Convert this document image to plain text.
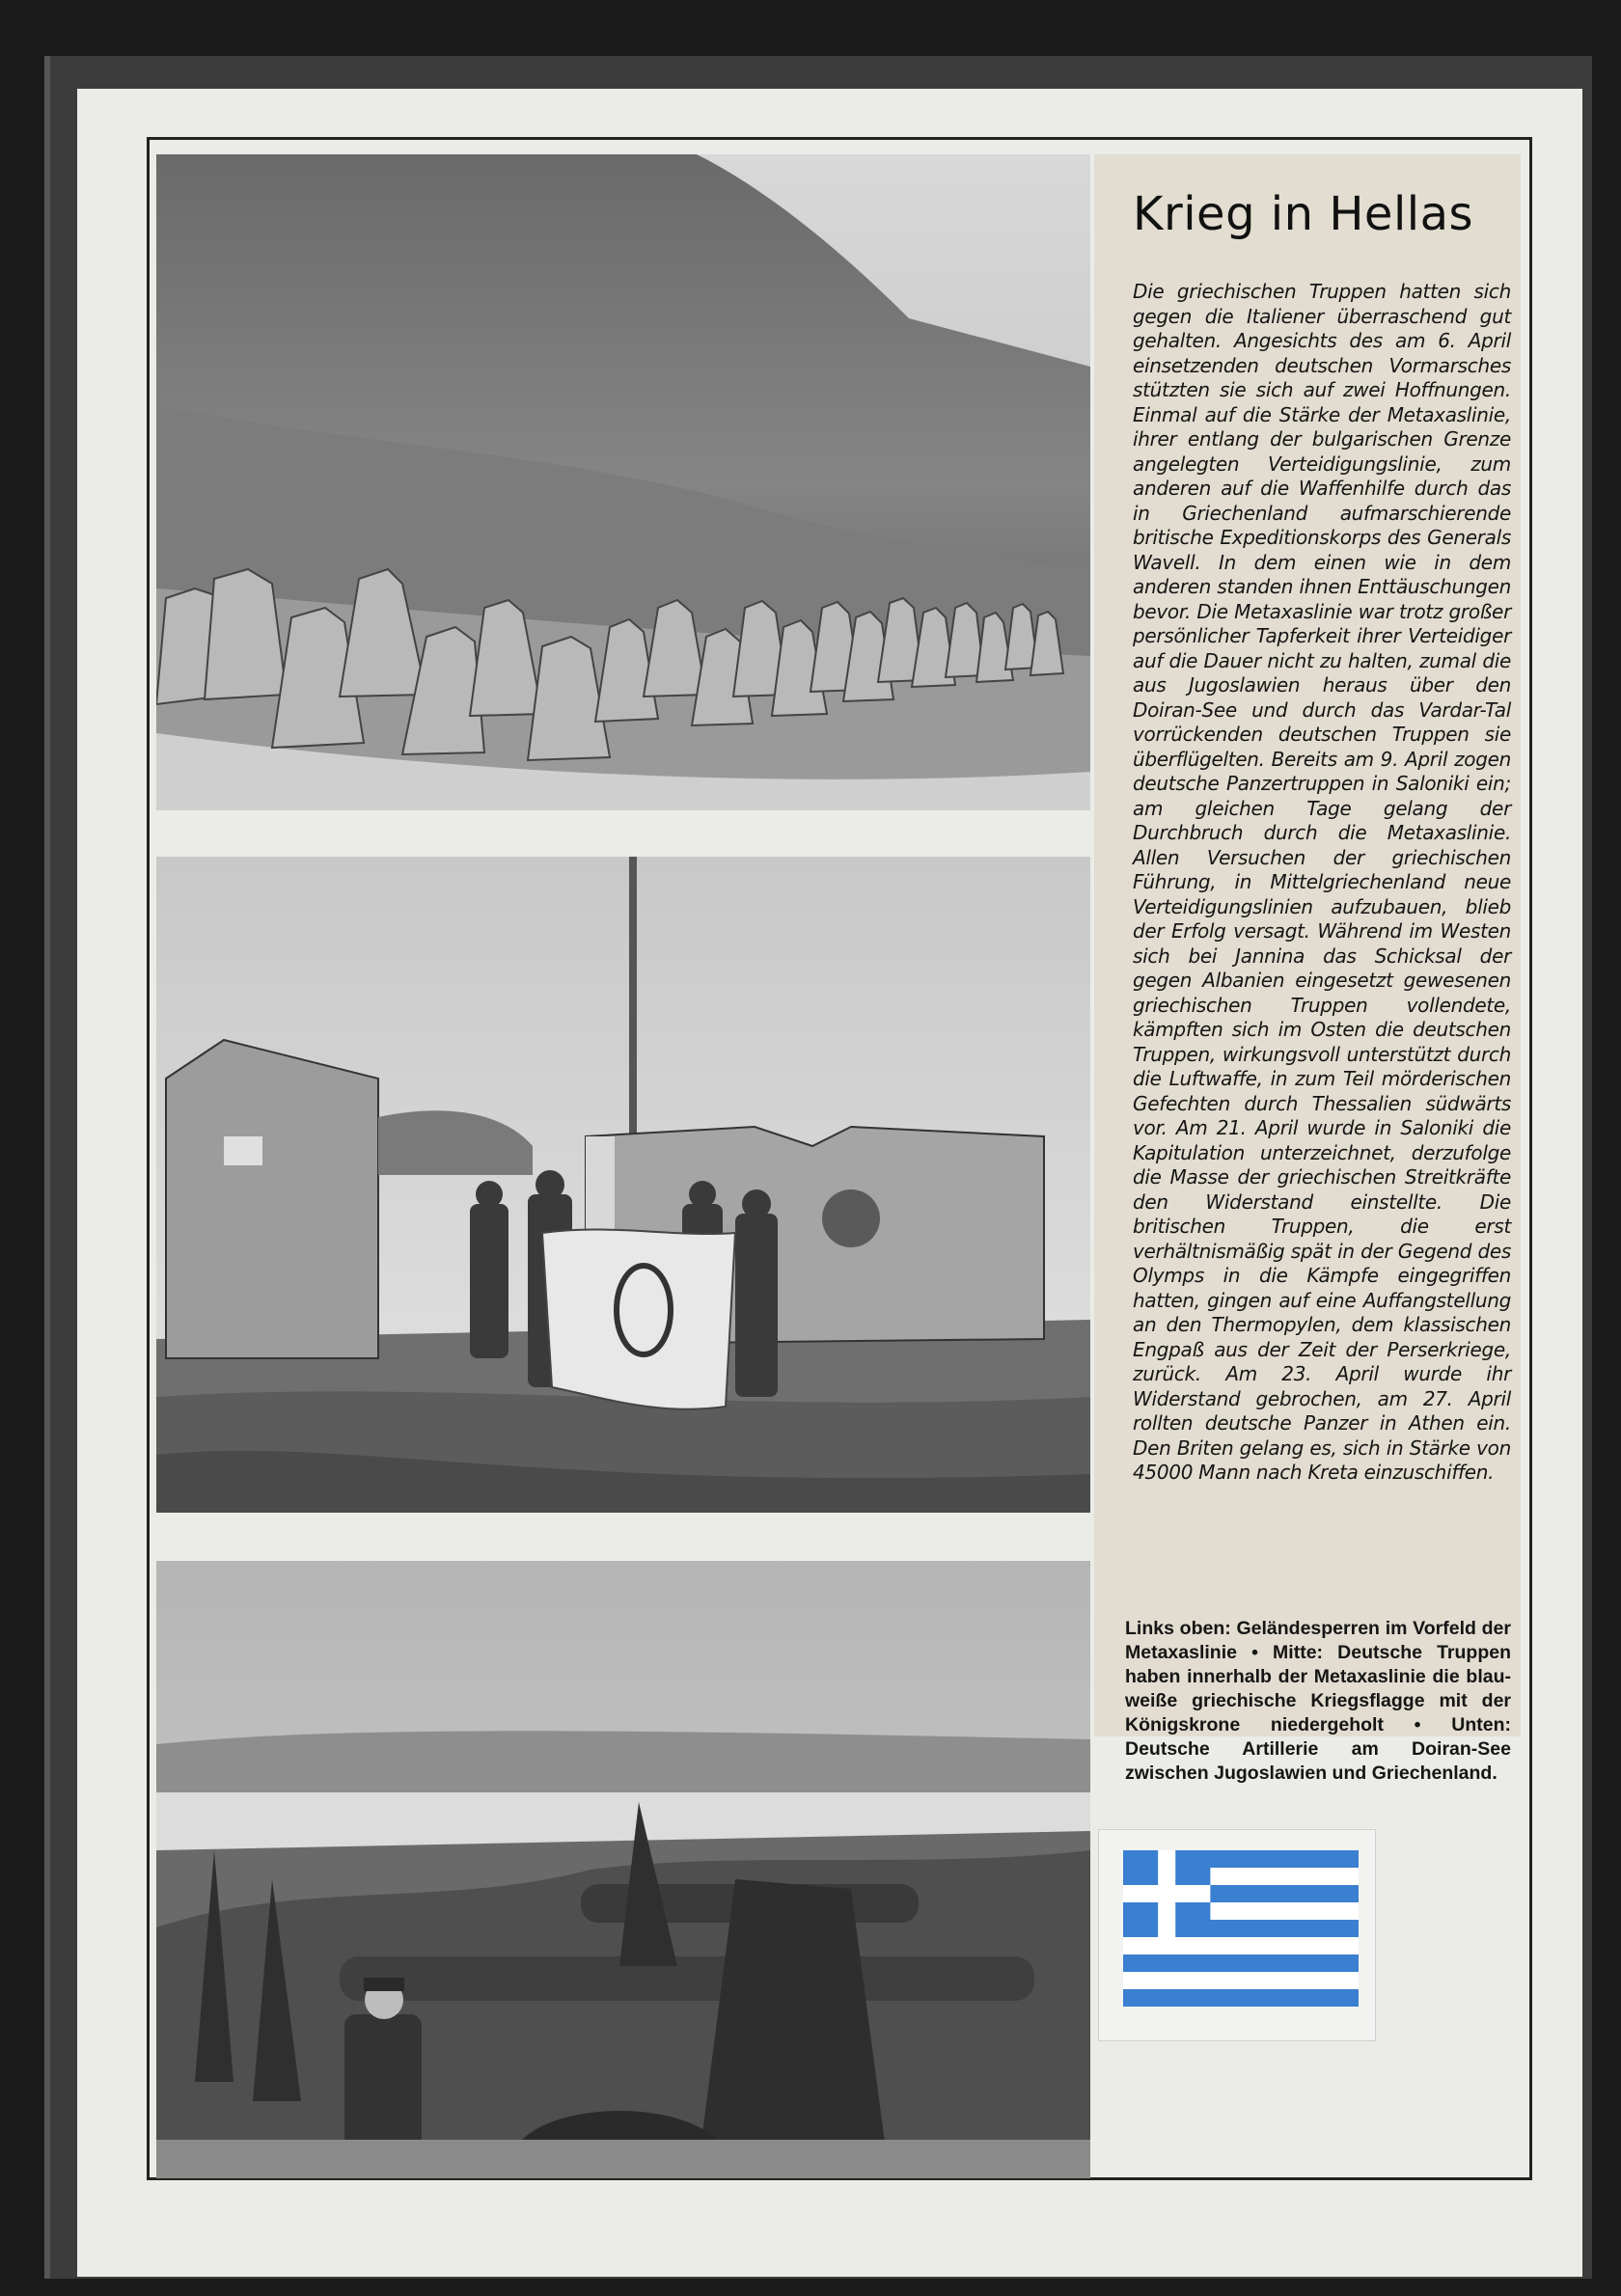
Krieg in Hellas

Die griechischen Truppen hatten sich gegen die Italiener überraschend gut gehalten. Angesichts des am 6. April einsetzenden deutschen Vormarsches stützten sie sich auf zwei Hoffnungen. Einmal auf die Stärke der Metaxaslinie, ihrer entlang der bulgarischen Grenze angelegten Verteidigungslinie, zum anderen auf die Waffenhilfe durch das in Griechenland aufmarschierende britische Expeditionskorps des Generals Wavell. In dem einen wie in dem anderen standen ihnen Enttäuschungen bevor. Die Metaxaslinie war trotz großer persönlicher Tapferkeit ihrer Verteidiger auf die Dauer nicht zu halten, zumal die aus Jugoslawien heraus über den Doiran-See und durch das Vardar-Tal vorrückenden deutschen Truppen sie überflügelten. Bereits am 9. April zogen deutsche Panzertruppen in Saloniki ein; am gleichen Tage gelang der Durchbruch durch die Metaxaslinie. Allen Versuchen der griechischen Führung, in Mittelgriechenland neue Verteidigungslinien aufzubauen, blieb der Erfolg versagt. Während im Westen sich bei Jannina das Schicksal der gegen Albanien eingesetzt gewesenen griechischen Truppen vollendete, kämpften sich im Osten die deutschen Truppen, wirkungsvoll unterstützt durch die Luftwaffe, in zum Teil mörderischen Gefechten durch Thessalien südwärts vor. Am 21. April wurde in Saloniki die Kapitulation unterzeichnet, derzufolge die Masse der griechischen Streitkräfte den Widerstand einstellte. Die britischen Truppen, die erst verhältnismäßig spät in der Gegend des Olymps in die Kämpfe eingegriffen hatten, gingen auf eine Auffangstellung an den Thermopylen, dem klassischen Engpaß aus der Zeit der Perserkriege, zurück. Am 23. April wurde ihr Widerstand gebrochen, am 27. April rollten deutsche Panzer in Athen ein. Den Briten gelang es, sich in Stärke von 45000 Mann nach Kreta einzuschiffen.

Links oben: Geländesperren im Vorfeld der Metaxaslinie • Mitte: Deutsche Truppen haben innerhalb der Metaxaslinie die blau-weiße griechische Kriegsflagge mit der Königskrone niedergeholt • Unten: Deutsche Artillerie am Doiran-See zwischen Jugoslawien und Griechenland.
